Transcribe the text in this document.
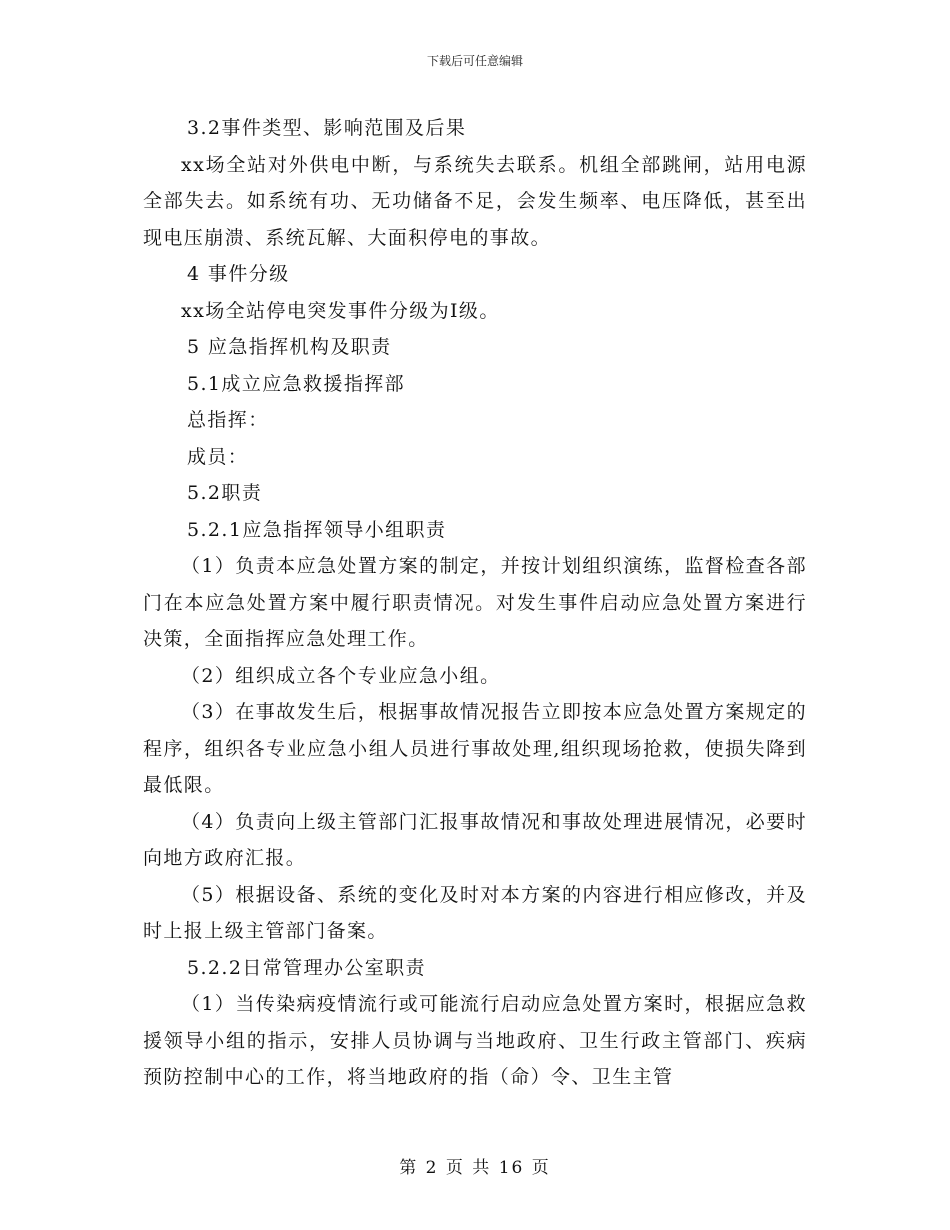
下载后可任意编辑

3.2事件类型、影响范围及后果

xx场全站对外供电中断，与系统失去联系。机组全部跳闸，站用电源全部失去。如系统有功、无功储备不足，会发生频率、电压降低，甚至出现电压崩溃、系统瓦解、大面积停电的事故。

4 事件分级

xx场全站停电突发事件分级为Ⅰ级。

5 应急指挥机构及职责

5.1成立应急救援指挥部

总指挥：

成员：

5.2职责

5.2.1应急指挥领导小组职责

（1）负责本应急处置方案的制定，并按计划组织演练，监督检查各部门在本应急处置方案中履行职责情况。对发生事件启动应急处置方案进行决策，全面指挥应急处理工作。

（2）组织成立各个专业应急小组。

（3）在事故发生后，根据事故情况报告立即按本应急处置方案规定的程序，组织各专业应急小组人员进行事故处理,组织现场抢救，使损失降到最低限。

（4）负责向上级主管部门汇报事故情况和事故处理进展情况，必要时向地方政府汇报。

（5）根据设备、系统的变化及时对本方案的内容进行相应修改，并及时上报上级主管部门备案。

5.2.2日常管理办公室职责

（1）当传染病疫情流行或可能流行启动应急处置方案时，根据应急救援领导小组的指示，安排人员协调与当地政府、卫生行政主管部门、疾病预防控制中心的工作，将当地政府的指（命）令、卫生主管

第 2 页 共 16 页
